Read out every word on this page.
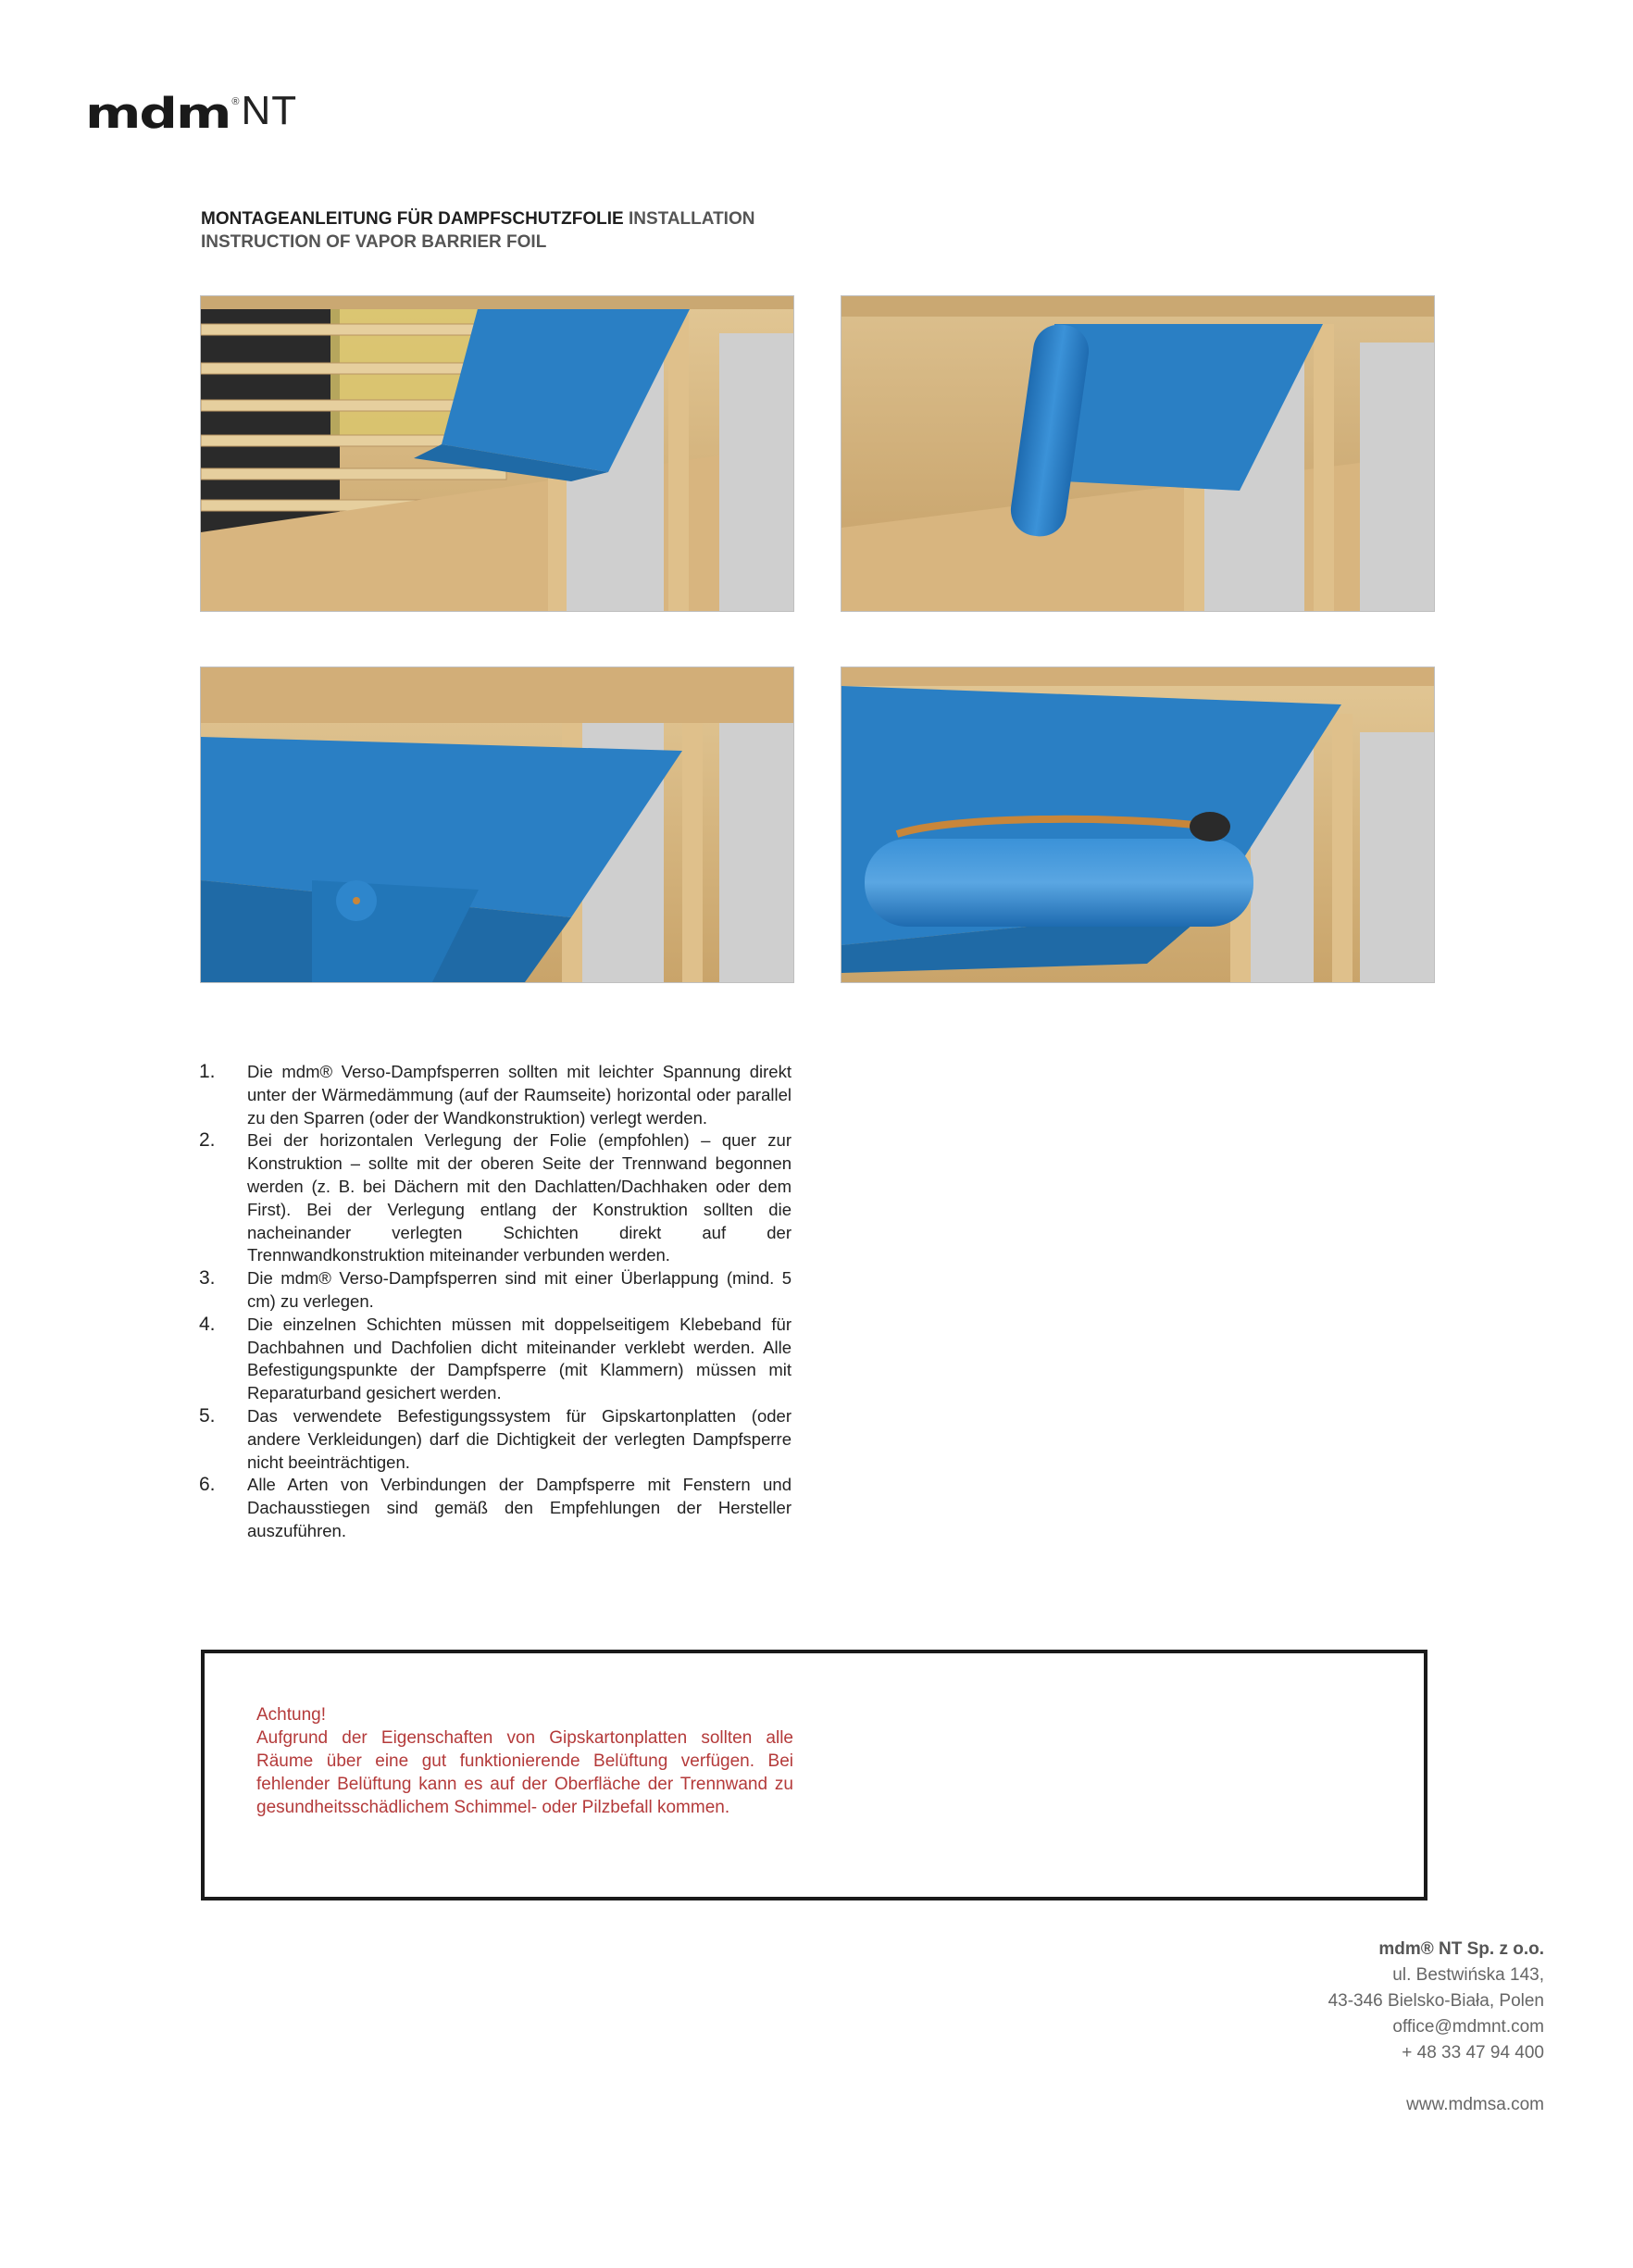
mdm ® NT
MONTAGEANLEITUNG FÜR DAMPFSCHUTZFOLIE INSTALLATION INSTRUCTION OF VAPOR BARRIER FOIL
1. Die mdm® Verso-Dampfsperren sollten mit leichter Spannung direkt unter der Wärmedämmung (auf der Raumseite) horizontal oder parallel zu den Sparren (oder der Wandkonstruktion) verlegt werden.
2. Bei der horizontalen Verlegung der Folie (empfohlen) – quer zur Konstruktion – sollte mit der oberen Seite der Trennwand begonnen werden (z. B. bei Dächern mit den Dachlatten/Dachhaken oder dem First). Bei der Verlegung entlang der Konstruktion sollten die nacheinander verlegten Schichten direkt auf der Trennwandkonstruktion miteinander verbunden werden.
3. Die mdm® Verso-Dampfsperren sind mit einer Überlappung (mind. 5 cm) zu verlegen.
4. Die einzelnen Schichten müssen mit doppelseitigem Klebeband für Dachbahnen und Dachfolien dicht miteinander verklebt werden. Alle Befestigungspunkte der Dampfsperre (mit Klammern) müssen mit Reparaturband gesichert werden.
5. Das verwendete Befestigungssystem für Gipskartonplatten (oder andere Verkleidungen) darf die Dichtigkeit der verlegten Dampfsperre nicht beeinträchtigen.
6. Alle Arten von Verbindungen der Dampfsperre mit Fenstern und Dachausstiegen sind gemäß den Empfehlungen der Hersteller auszuführen.
Achtung!
Aufgrund der Eigenschaften von Gipskartonplatten sollten alle Räume über eine gut funktionierende Belüftung verfügen. Bei fehlender Belüftung kann es auf der Oberfläche der Trennwand zu gesundheitsschädlichem Schimmel- oder Pilzbefall kommen.
mdm® NT Sp. z o.o.
ul. Bestwińska 143,
43-346 Bielsko-Biała, Polen
office@mdmnt.com
+ 48 33 47 94 400
www.mdmsa.com
